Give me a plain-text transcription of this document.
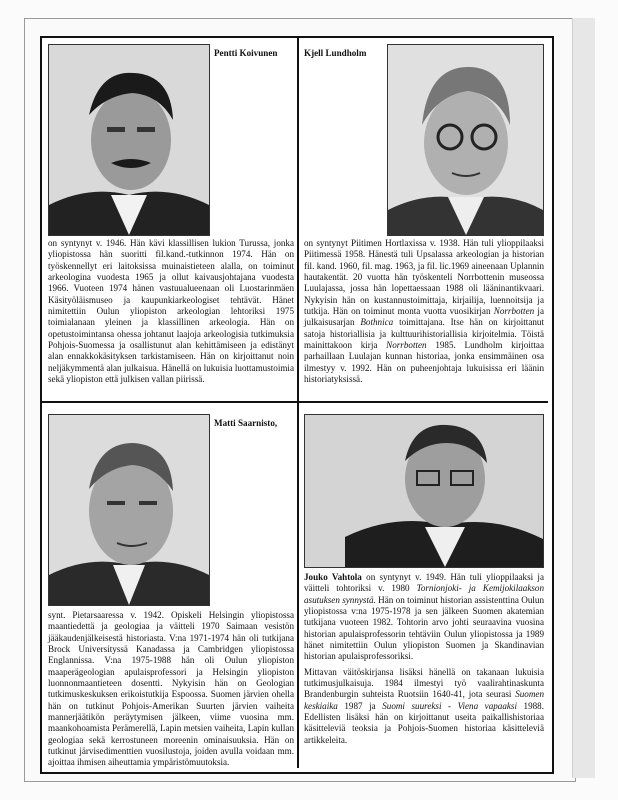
Pentti Koivunen
on syntynyt v. 1946. Hän kävi klassillisen lukion Turussa, jonka yliopistossa hän suoritti fil.kand.-tutkinnon 1974. Hän on työskennellyt eri laitoksissa muinaistieteen alalla, on toiminut arkeologina vuodesta 1965 ja ollut kaivausjohtajana vuodesta 1966. Vuoteen 1974 hänen vastuualueenaan oli Luostarinmäen Käsityöläismuseo ja kaupunkiarkeologiset tehtävät. Hänet nimitettiin Oulun yliopiston arkeologian lehtoriksi 1975 toimialanaan yleinen ja klassillinen arkeologia. Hän on opetustoimintansa ohessa johtanut laajoja arkeologisia tutkimuksia Pohjois-Suomessa ja osallistunut alan kehittämiseen ja edistänyt alan ennakkokäsityksen tarkistamiseen. Hän on kirjoittanut noin neljäkymmentä alan julkaisua. Hänellä on lukuisia luottamustoimia sekä yliopiston että julkisen vallan piirissä.
Kjell Lundholm
on syntynyt Piitimen Hortlaxissa v. 1938. Hän tuli ylioppilaaksi Piitimessä 1958. Hänestä tuli Upsalassa arkeologian ja historian fil. kand. 1960, fil. mag. 1963, ja fil. lic.1969 aineenaan Uplannin hautakentät. 20 vuotta hän työskenteli Norrbottenin museossa Luulajassa, jossa hän lopettaessaan 1988 oli lääninantikvaari. Nykyisin hän on kustannustoimittaja, kirjailija, luennoitsija ja tutkija. Hän on toiminut monta vuotta vuosikirjan Norrbotten ja julkaisusarjan Bothnica toimittajana. Itse hän on kirjoittanut satoja historiallisia ja kulttuurihistoriallisia kirjoitelmia. Töistä mainittakoon kirja Norrbotten 1985. Lundholm kirjoittaa parhaillaan Luulajan kunnan historiaa, jonka ensimmäinen osa ilmestyy v. 1992. Hän on puheenjohtaja lukuisissa eri läänin historiatyksissä.
Matti Saarnisto,
synt. Pietarsaaressa v. 1942. Opiskeli Helsingin yliopistossa maantiedettä ja geologiaa ja väitteli 1970 Saimaan vesistön jääkaudenjälkeisestä historiasta. V:na 1971-1974 hän oli tutkijana Brock Universityssä Kanadassa ja Cambridgen yliopistossa Englannissa. V:na 1975-1988 hän oli Oulun yliopiston maaperägeologian apulaisprofessori ja Helsingin yliopiston luonnonmaantieteen dosentti. Nykyisin hän on Geologian tutkimuskeskuksen erikoistutkija Espoossa. Suomen järvien ohella hän on tutkinut Pohjois-Amerikan Suurten järvien vaiheita mannerjäätikön peräytymisen jälkeen, viime vuosina mm. maankohoamista Perämerellä, Lapin metsien vaiheita, Lapin kullan geologiaa sekä kerrostuneen moreenin ominaisuuksia. Hän on tutkinut järvisedimenttien vuosilustoja, joiden avulla voidaan mm. ajoittaa ihmisen aiheuttamia ympäristömuutoksia.
Jouko Vahtola on syntynyt v. 1949. Hän tuli ylioppilaaksi ja väitteli tohtoriksi v. 1980 Tornionjoki- ja Kemijokilaakson asutuksen synnystä. Hän on toiminut historian assistenttina Oulun yliopistossa v:na 1975-1978 ja sen jälkeen Suomen akatemian tutkijana vuoteen 1982. Tohtorin arvo johti seuraavina vuosina historian apulaisprofessorin tehtäviin Oulun yliopistossa ja 1989 hänet nimitettiin Oulun yliopiston Suomen ja Skandinavian historian apulaisprofessoriksi.
Mittavan väitöskirjansa lisäksi hänellä on takanaan lukuisia tutkimusjulkaisuja. 1984 ilmestyi työ vaalirahtinaskunta Brandenburgin suhteista Ruotsiin 1640-41, jota seurasi Suomen keskiaika 1987 ja Suomi suureksi - Viena vapaaksi 1988. Edellisten lisäksi hän on kirjoittanut useita paikallishistoriaa käsitteleviä teoksia ja Pohjois-Suomen historiaa käsitteleviä artikkeleita.
